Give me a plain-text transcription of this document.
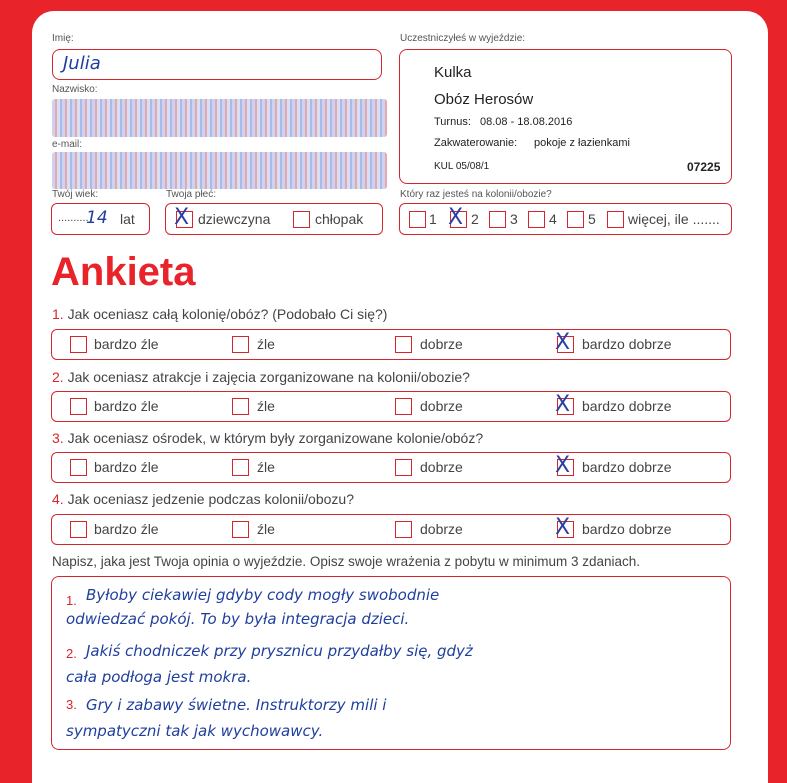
Imię:
Julia
Nazwisko:
e-mail:
Twój wiek:
..........
14 lat
Twoja płeć:
X dziewczyna	chłopak
Uczestniczyłeś w wyjeździe:
Kulka
Obóz Herosów
Turnus: 08.08 - 18.08.2016
Zakwaterowanie: pokoje z łazienkami
KUL 05/08/1	07225
Który raz jesteś na kolonii/obozie?
1 X 2 3 4 5 więcej, ile .......
Ankieta
1. Jak oceniasz całą kolonię/obóz? (Podobało Ci się?)
bardzo źle	źle	dobrze	X bardzo dobrze
2. Jak oceniasz atrakcje i zajęcia zorganizowane na kolonii/obozie?
bardzo źle	źle	dobrze	X bardzo dobrze
3. Jak oceniasz ośrodek, w którym były zorganizowane kolonie/obóz?
bardzo źle	źle	dobrze	X bardzo dobrze
4. Jak oceniasz jedzenie podczas kolonii/obozu?
bardzo źle	źle	dobrze	X bardzo dobrze
Napisz, jaka jest Twoja opinia o wyjeździe. Opisz swoje wrażenia z pobytu w minimum 3 zdaniach.
1. Byłoby ciekawiej gdyby cody mogły swobodnie
odwiedzać pokój. To by była integracja dzieci.
2. Jakiś chodniczek przy prysznicu przydałby się, gdyż
cała podłoga jest mokra.
3. Gry i zabawy świetne. Instruktorzy mili i
sympatyczni tak jak wychowawcy.
